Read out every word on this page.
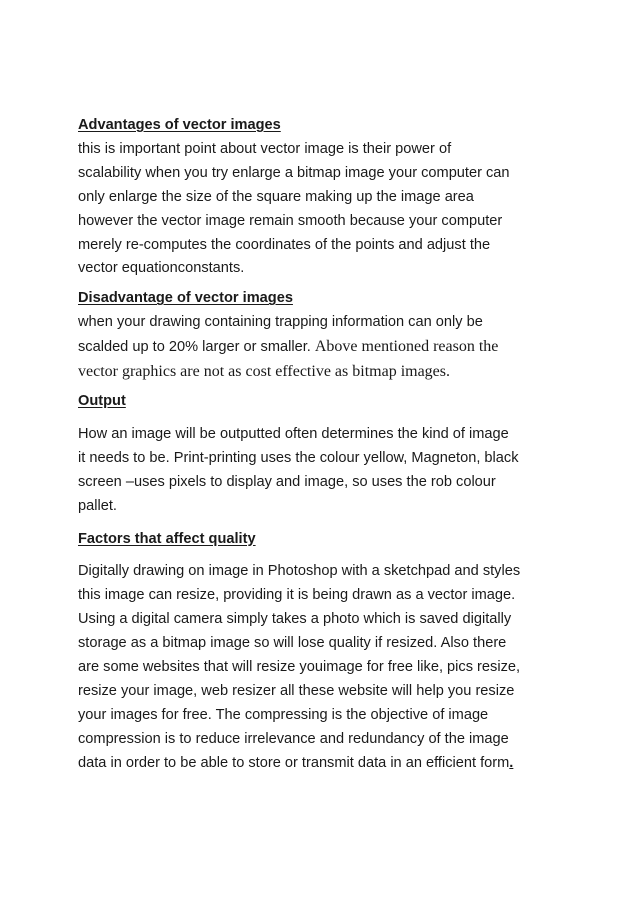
Advantages of vector images

this is important point about vector image is their power of
scalability when you try enlarge a bitmap image your computer can
only enlarge the size of the square making up the image area
however the vector image remain smooth because your computer
merely re-computes the coordinates of the points and adjust the
vector equationconstants.

Disadvantage of vector images

when your drawing containing trapping information can only be
scalded up to 20% larger or smaller. Above mentioned reason the
vector graphics are not as cost effective as bitmap images.

Output

How an image will be outputted often determines the kind of image
it needs to be. Print-printing uses the colour yellow, Magneton, black
screen –uses pixels to display and image, so uses the rob colour
pallet.

Factors that affect quality

Digitally drawing on image in Photoshop with a sketchpad and styles
this image can resize, providing it is being drawn as a vector image.
Using a digital camera simply takes a photo which is saved digitally
storage as a bitmap image so will lose quality if resized. Also there
are some websites that will resize youimage for free like, pics resize,
resize your image, web resizer all these website will help you resize
your images for free. The compressing is the objective of image
compression is to reduce irrelevance and redundancy of the image
data in order to be able to store or transmit data in an efficient form.
